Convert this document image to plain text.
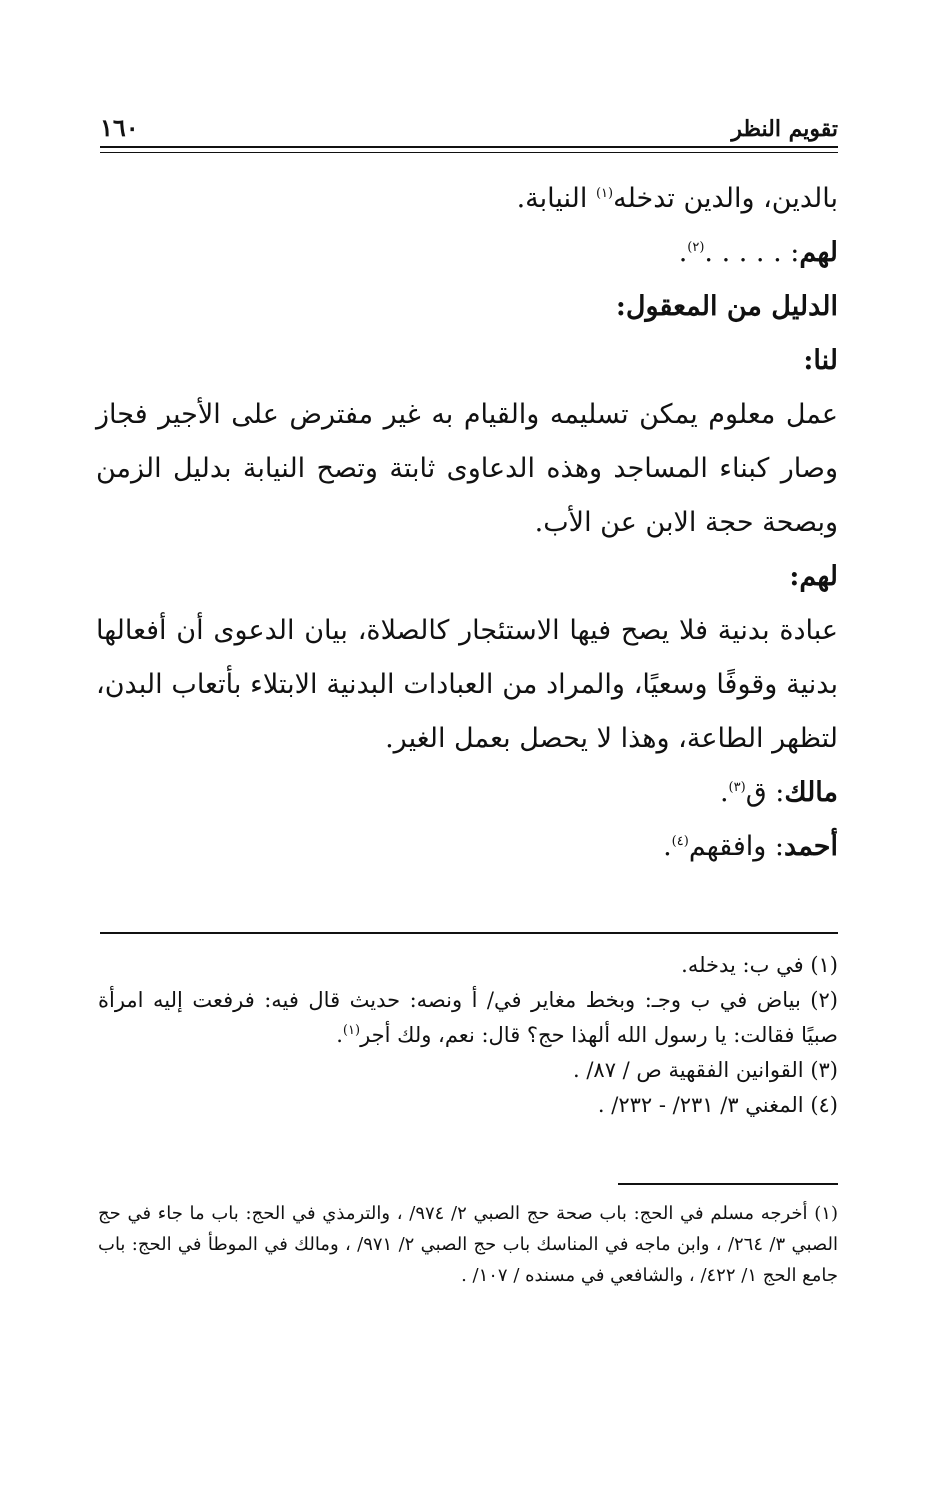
تقويم النظر
١٦٠

بالدين، والدين تدخله$^{(١)}$ النيابة.

لهم: . . . . .$^{(٢)}$.

الدليل من المعقول:

لنا:

عمل معلوم يمكن تسليمه والقيام به غير مفترض على الأجير فجاز وصار كبناء المساجد وهذه الدعاوى ثابتة وتصح النيابة بدليل الزمن وبصحة حجة الابن عن الأب.

لهم:

عبادة بدنية فلا يصح فيها الاستئجار كالصلاة، بيان الدعوى أن أفعالها بدنية وقوفًا وسعيًا، والمراد من العبادات البدنية الابتلاء بأتعاب البدن، لتظهر الطاعة، وهذا لا يحصل بعمل الغير.

مالك: ق$^{(٣)}$.

أحمد: وافقهم$^{(٤)}$.

(١) في ب: يدخله.

(٢) بياض في ب وجـ: وبخط مغاير في/ أ ونصه: حديث قال فيه: فرفعت إليه امرأة صبيًا فقالت: يا رسول الله ألهذا حج؟ قال: نعم، ولك أجر$^{(١)}$.

(٣) القوانين الفقهية ص / ٨٧/ .

(٤) المغني ٣/ ٢٣١/ - ٢٣٢/ .

(١) أخرجه مسلم في الحج: باب صحة حج الصبي ٢/ ٩٧٤/ ، والترمذي في الحج: باب ما جاء في حج الصبي ٣/ ٢٦٤/ ، وابن ماجه في المناسك باب حج الصبي ٢/ ٩٧١/ ، ومالك في الموطأ في الحج: باب جامع الحج ١/ ٤٢٢/ ، والشافعي في مسنده / ١٠٧/ .
